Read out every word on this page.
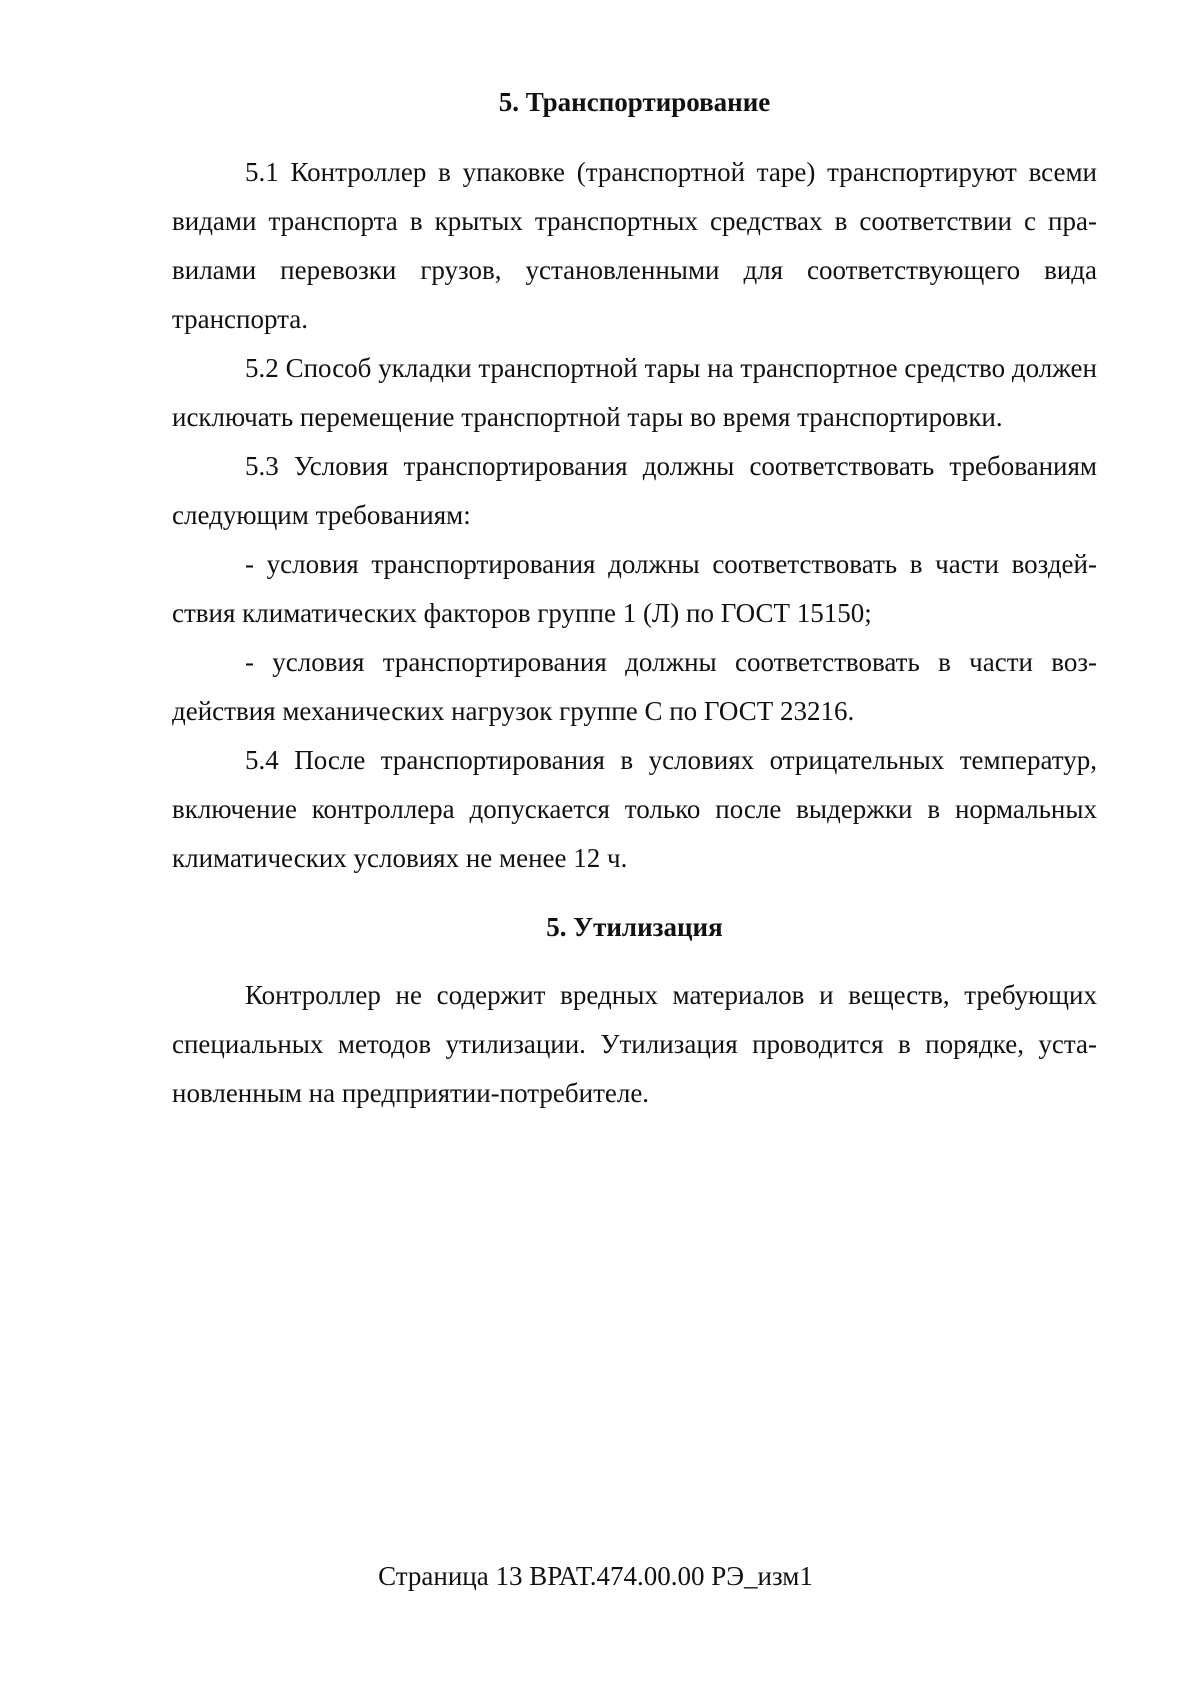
5. Транспортирование

5.1 Контроллер в упаковке (транспортной таре) транспортируют всеми видами транспорта в крытых транспортных средствах в соответствии с правилами перевозки грузов, установленными для соответствующего вида транспорта.

5.2 Способ укладки транспортной тары на транспортное средство должен исключать перемещение транспортной тары во время транспортировки.

5.3 Условия транспортирования должны соответствовать требованиям следующим требованиям:

- условия транспортирования должны соответствовать в части воздействия климатических факторов группе 1 (Л) по ГОСТ 15150;

- условия транспортирования должны соответствовать в части воздействия механических нагрузок группе С по ГОСТ 23216.

5.4 После транспортирования в условиях отрицательных температур, включение контроллера допускается только после выдержки в нормальных климатических условиях не менее 12 ч.

5. Утилизация

Контроллер не содержит вредных материалов и веществ, требующих специальных методов утилизации. Утилизация проводится в порядке, установленным на предприятии-потребителе.

Страница 13 ВРАТ.474.00.00 РЭ_изм1
